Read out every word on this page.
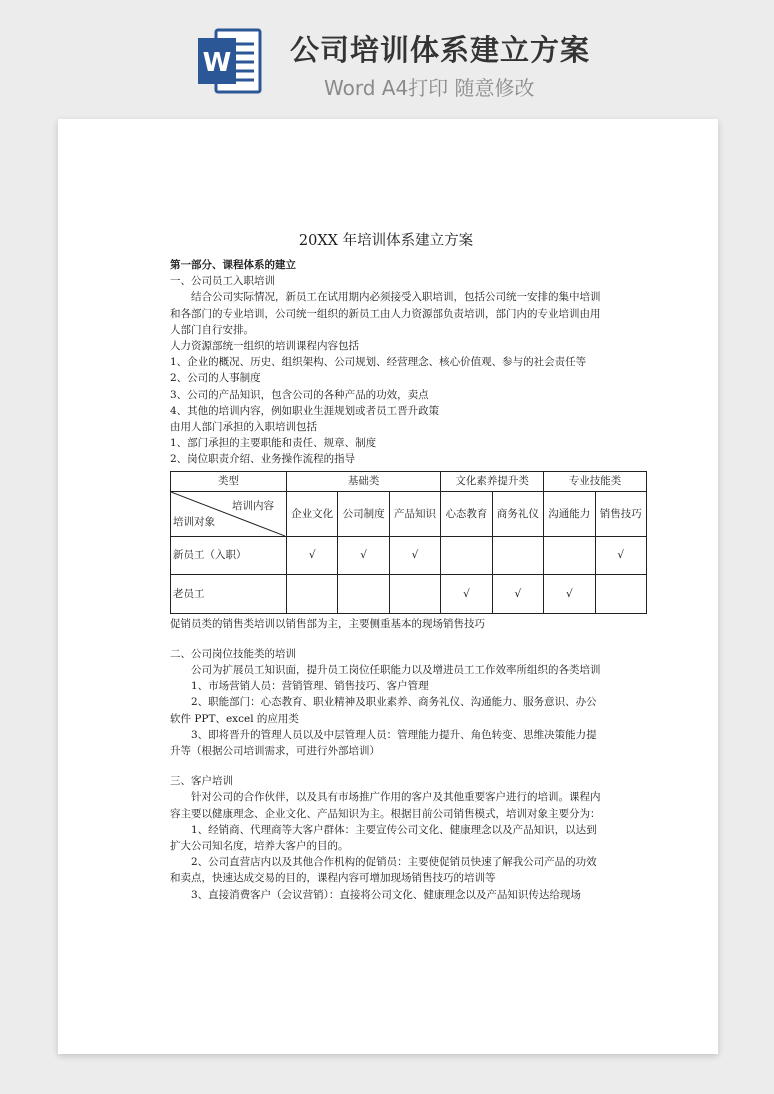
W 公司培训体系建立方案
Word A4打印 随意修改
20XX 年培训体系建立方案

第一部分、课程体系的建立

一、公司员工入职培训

结合公司实际情况，新员工在试用期内必须接受入职培训，包括公司统一安排的集中培训和各部门的专业培训，公司统一组织的新员工由人力资源部负责培训，部门内的专业培训由用人部门自行安排。

人力资源部统一组织的培训课程内容包括

1、企业的概况、历史、组织架构、公司规划、经营理念、核心价值观、参与的社会责任等

2、公司的人事制度

3、公司的产品知识，包含公司的各种产品的功效，卖点

4、其他的培训内容，例如职业生涯规划或者员工晋升政策

由用人部门承担的入职培训包括

1、部门承担的主要职能和责任、规章、制度

2、岗位职责介绍、业务操作流程的指导

类型	基础类			文化素养提升类		专业技能类	

培训内容
培训对象	企业文化	公司制度	产品知识	心态教育	商务礼仪	沟通能力	销售技巧
新员工（入职）	√	√	√				√
老员工				√	√	√	

促销员类的销售类培训以销售部为主，主要侧重基本的现场销售技巧

二、公司岗位技能类的培训

公司为扩展员工知识面，提升员工岗位任职能力以及增进员工工作效率所组织的各类培训

1、市场营销人员：营销管理、销售技巧、客户管理

2、职能部门：心态教育、职业精神及职业素养、商务礼仪、沟通能力、服务意识、办公软件 PPT、excel 的应用类

3、即将晋升的管理人员以及中层管理人员：管理能力提升、角色转变、思维决策能力提升等（根据公司培训需求，可进行外部培训）

三、客户培训

针对公司的合作伙伴，以及具有市场推广作用的客户及其他重要客户进行的培训。课程内容主要以健康理念、企业文化、产品知识为主。根据目前公司销售模式，培训对象主要分为：

1、经销商、代理商等大客户群体：主要宣传公司文化、健康理念以及产品知识，以达到扩大公司知名度，培养大客户的目的。

2、公司直营店内以及其他合作机构的促销员：主要使促销员快速了解我公司产品的功效和卖点，快速达成交易的目的，课程内容可增加现场销售技巧的培训等

3、直接消费客户（会议营销）：直接将公司文化、健康理念以及产品知识传达给现场
